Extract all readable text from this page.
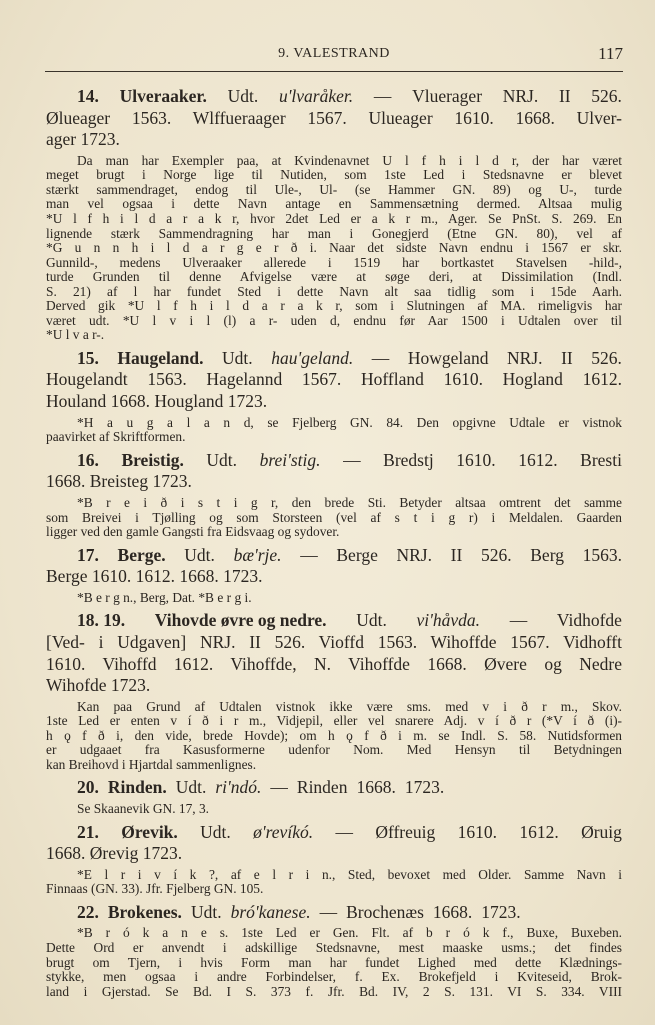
9. VALESTRAND	117
14. Ulveraaker. Udt. u'lvaråker. — Vluerager NRJ. II 526.
Ølueager 1563. Wlffueraager 1567. Ulueager 1610. 1668. Ulver-
ager 1723.
Da man har Exempler paa, at Kvindenavnet U l f h i l d r, der har været
meget brugt i Norge lige til Nutiden, som 1ste Led i Stedsnavne er blevet
stærkt sammendraget, endog til Ule-, Ul- (se Hammer GN. 89) og U-, turde
man vel ogsaa i dette Navn antage en Sammensætning dermed. Altsaa mulig
*U l f h i l d a r a k r, hvor 2det Led er a k r m., Ager. Se PnSt. S. 269. En
lignende stærk Sammendragning har man i Gonegjerd (Etne GN. 80), vel af
*G u n n h i l d a r g e r ð i. Naar det sidste Navn endnu i 1567 er skr.
Gunnild-, medens Ulveraaker allerede i 1519 har bortkastet Stavelsen -hild-,
turde Grunden til denne Afvigelse være at søge deri, at Dissimilation (Indl.
S. 21) af l har fundet Sted i dette Navn alt saa tidlig som i 15de Aarh.
Derved gik *U l f h i l d a r a k r, som i Slutningen af MA. rimeligvis har
været udt. *U l v i l (l) a r- uden d, endnu før Aar 1500 i Udtalen over til
*U l v a r-.
15. Haugeland. Udt. hau'geland. — Howgeland NRJ. II 526.
Hougelandt 1563. Hagelannd 1567. Hoffland 1610. Hogland 1612.
Houland 1668. Hougland 1723.
*H a u g a l a n d, se Fjelberg GN. 84. Den opgivne Udtale er vistnok
paavirket af Skriftformen.
16. Breistig. Udt. brei'stig. — Bredstj 1610. 1612. Bresti
1668. Breisteg 1723.
*B r e i ð i s t i g r, den brede Sti. Betyder altsaa omtrent det samme
som Breivei i Tjølling og som Storsteen (vel af s t i g r) i Meldalen. Gaarden
ligger ved den gamle Gangsti fra Eidsvaag og sydover.
17. Berge. Udt. bæ'rje. — Berge NRJ. II 526. Berg 1563.
Berge 1610. 1612. 1668. 1723.
*B e r g n., Berg, Dat. *B e r g i.
18. 19. Vihovde øvre og nedre. Udt. vi'håvda. — Vidhofde
[Ved- i Udgaven] NRJ. II 526. Vioffd 1563. Wihoffde 1567. Vidhofft
1610. Vihoffd 1612. Vihoffde, N. Vihoffde 1668. Øvere og Nedre
Wihofde 1723.
Kan paa Grund af Udtalen vistnok ikke være sms. med v i ð r m., Skov.
1ste Led er enten v í ð i r m., Vidjepil, eller vel snarere Adj. v í ð r (*V í ð (i)-
h ǫ f ð i, den vide, brede Hovde); om h ǫ f ð i m. se Indl. S. 58. Nutidsformen
er udgaaet fra Kasusformerne udenfor Nom. Med Hensyn til Betydningen
kan Breihovd i Hjartdal sammenlignes.
20. Rinden. Udt. ri'ndó. — Rinden 1668. 1723.
Se Skaanevik GN. 17, 3.
21. Ørevik. Udt. ø'revíkó. — Øffreuig 1610. 1612. Øruig
1668. Ørevig 1723.
*E l r i v í k ?, af e l r i n., Sted, bevoxet med Older. Samme Navn i
Finnaas (GN. 33). Jfr. Fjelberg GN. 105.
22. Brokenes. Udt. bró'kanese. — Brochenæs 1668. 1723.
*B r ó k a n e s. 1ste Led er Gen. Flt. af b r ó k f., Buxe, Buxeben.
Dette Ord er anvendt i adskillige Stedsnavne, mest maaske usms.; det findes
brugt om Tjern, i hvis Form man har fundet Lighed med dette Klædnings-
stykke, men ogsaa i andre Forbindelser, f. Ex. Brokefjeld i Kviteseid, Brok-
land i Gjerstad. Se Bd. I S. 373 f. Jfr. Bd. IV, 2 S. 131. VI S. 334. VIII
